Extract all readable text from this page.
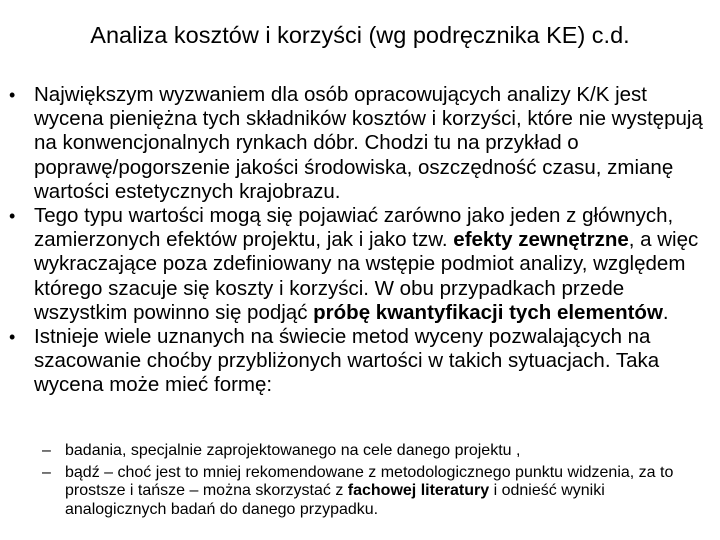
Analiza kosztów i korzyści (wg podręcznika KE) c.d.
• Największym wyzwaniem dla osób opracowujących analizy K/K jest wycena pieniężna tych składników kosztów i korzyści, które nie występują na konwencjonalnych rynkach dóbr. Chodzi tu na przykład o poprawę/pogorszenie jakości środowiska, oszczędność czasu, zmianę wartości estetycznych krajobrazu.
• Tego typu wartości mogą się pojawiać zarówno jako jeden z głównych, zamierzonych efektów projektu, jak i jako tzw. efekty zewnętrzne, a więc wykraczające poza zdefiniowany na wstępie podmiot analizy, względem którego szacuje się koszty i korzyści. W obu przypadkach przede wszystkim powinno się podjąć próbę kwantyfikacji tych elementów.
• Istnieje wiele uznanych na świecie metod wyceny pozwalających na szacowanie choćby przybliżonych wartości w takich sytuacjach. Taka wycena może mieć formę:
– badania, specjalnie zaprojektowanego na cele danego projektu ,
– bądź – choć jest to mniej rekomendowane z metodologicznego punktu widzenia, za to prostsze i tańsze – można skorzystać z fachowej literatury i odnieść wyniki analogicznych badań do danego przypadku.
